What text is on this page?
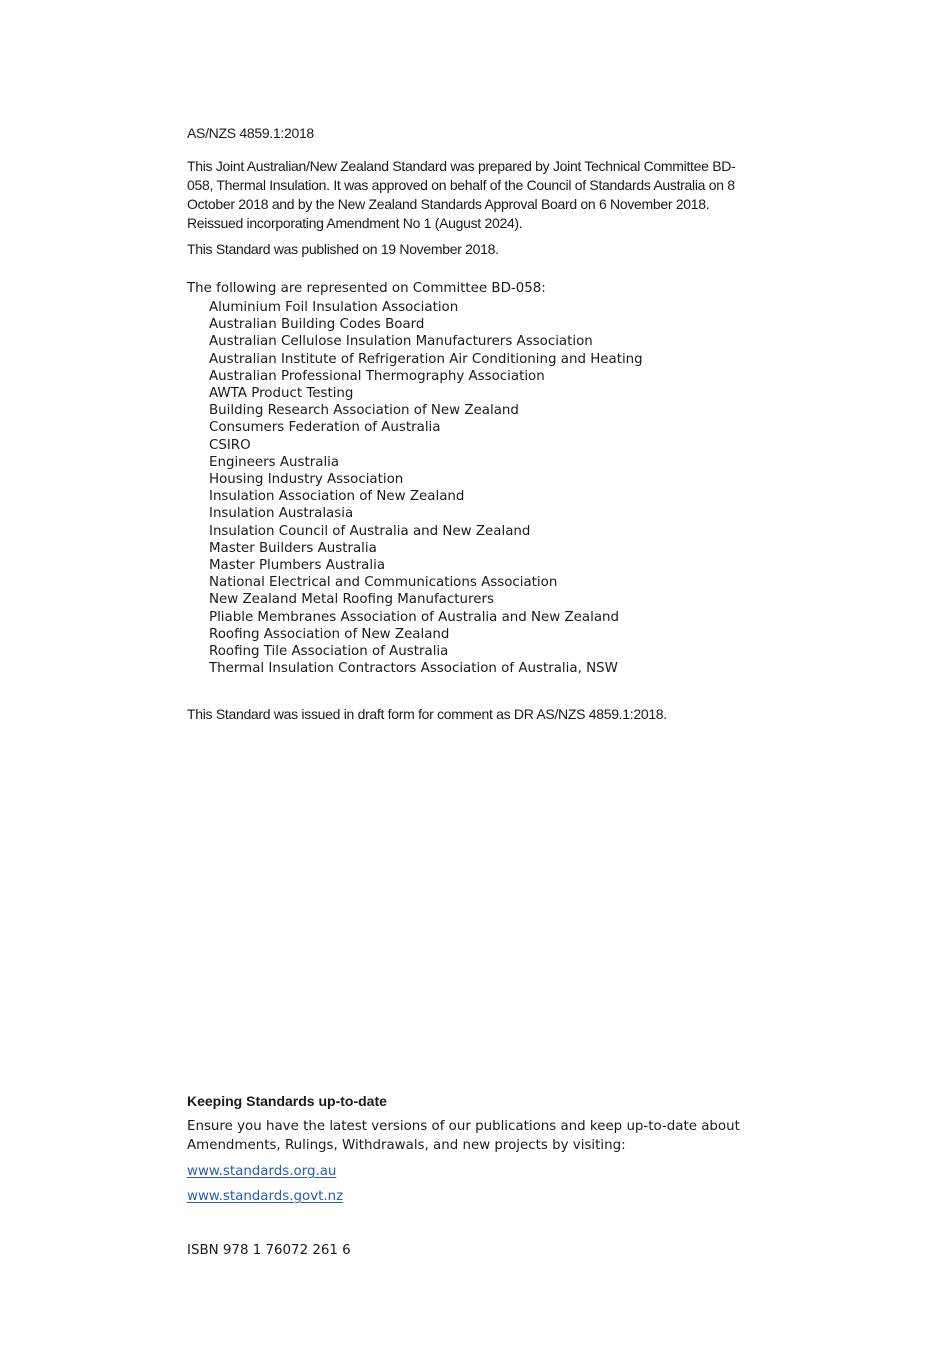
AS/NZS 4859.1:2018
This Joint Australian/New Zealand Standard was prepared by Joint Technical Committee BD-058, Thermal Insulation. It was approved on behalf of the Council of Standards Australia on 8 October 2018 and by the New Zealand Standards Approval Board on 6 November 2018. Reissued incorporating Amendment No 1 (August 2024).
This Standard was published on 19 November 2018.
The following are represented on Committee BD-058:
Aluminium Foil Insulation Association
Australian Building Codes Board
Australian Cellulose Insulation Manufacturers Association
Australian Institute of Refrigeration Air Conditioning and Heating
Australian Professional Thermography Association
AWTA Product Testing
Building Research Association of New Zealand
Consumers Federation of Australia
CSIRO
Engineers Australia
Housing Industry Association
Insulation Association of New Zealand
Insulation Australasia
Insulation Council of Australia and New Zealand
Master Builders Australia
Master Plumbers Australia
National Electrical and Communications Association
New Zealand Metal Roofing Manufacturers
Pliable Membranes Association of Australia and New Zealand
Roofing Association of New Zealand
Roofing Tile Association of Australia
Thermal Insulation Contractors Association of Australia, NSW
This Standard was issued in draft form for comment as DR AS/NZS 4859.1:2018.
Keeping Standards up-to-date
Ensure you have the latest versions of our publications and keep up-to-date about Amendments, Rulings, Withdrawals, and new projects by visiting:
www.standards.org.au
www.standards.govt.nz
ISBN 978 1 76072 261 6
